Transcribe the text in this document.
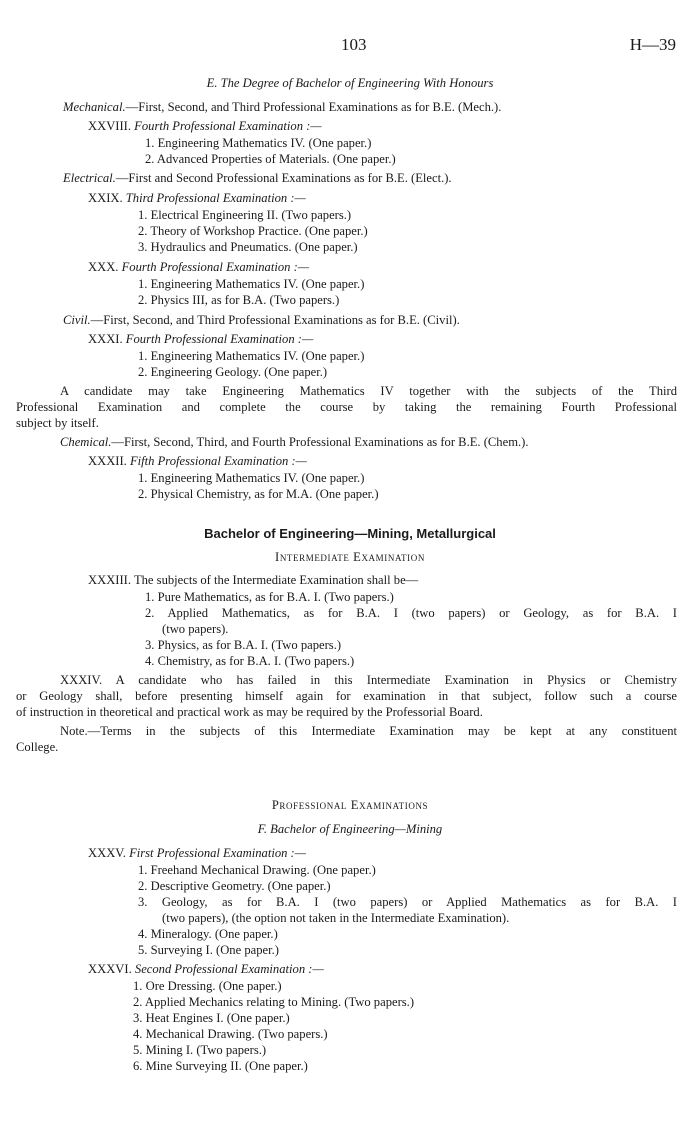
103	H—39
E. The Degree of Bachelor of Engineering With Honours
Mechanical.—First, Second, and Third Professional Examinations as for B.E. (Mech.).
XXVIII. Fourth Professional Examination :—
1. Engineering Mathematics IV. (One paper.)
2. Advanced Properties of Materials. (One paper.)
Electrical.—First and Second Professional Examinations as for B.E. (Elect.).
XXIX. Third Professional Examination :—
1. Electrical Engineering II. (Two papers.)
2. Theory of Workshop Practice. (One paper.)
3. Hydraulics and Pneumatics. (One paper.)
XXX. Fourth Professional Examination :—
1. Engineering Mathematics IV. (One paper.)
2. Physics III, as for B.A. (Two papers.)
Civil.—First, Second, and Third Professional Examinations as for B.E. (Civil).
XXXI. Fourth Professional Examination :—
1. Engineering Mathematics IV. (One paper.)
2. Engineering Geology. (One paper.)
A candidate may take Engineering Mathematics IV together with the subjects of the Third
Professional Examination and complete the course by taking the remaining Fourth Professional
subject by itself.
Chemical.—First, Second, Third, and Fourth Professional Examinations as for B.E. (Chem.).
XXXII. Fifth Professional Examination :—
1. Engineering Mathematics IV. (One paper.)
2. Physical Chemistry, as for M.A. (One paper.)
Bachelor of Engineering—Mining, Metallurgical
Intermediate Examination
XXXIII. The subjects of the Intermediate Examination shall be—
1. Pure Mathematics, as for B.A. I. (Two papers.)
2. Applied Mathematics, as for B.A. I (two papers) or Geology, as for B.A. I
(two papers).
3. Physics, as for B.A. I. (Two papers.)
4. Chemistry, as for B.A. I. (Two papers.)
XXXIV. A candidate who has failed in this Intermediate Examination in Physics or Chemistry
or Geology shall, before presenting himself again for examination in that subject, follow such a course
of instruction in theoretical and practical work as may be required by the Professorial Board.
Note.—Terms in the subjects of this Intermediate Examination may be kept at any constituent
College.
Professional Examinations
F. Bachelor of Engineering—Mining
XXXV. First Professional Examination :—
1. Freehand Mechanical Drawing. (One paper.)
2. Descriptive Geometry. (One paper.)
3. Geology, as for B.A. I (two papers) or Applied Mathematics as for B.A. I
(two papers), (the option not taken in the Intermediate Examination).
4. Mineralogy. (One paper.)
5. Surveying I. (One paper.)
XXXVI. Second Professional Examination :—
1. Ore Dressing. (One paper.)
2. Applied Mechanics relating to Mining. (Two papers.)
3. Heat Engines I. (One paper.)
4. Mechanical Drawing. (Two papers.)
5. Mining I. (Two papers.)
6. Mine Surveying II. (One paper.)
